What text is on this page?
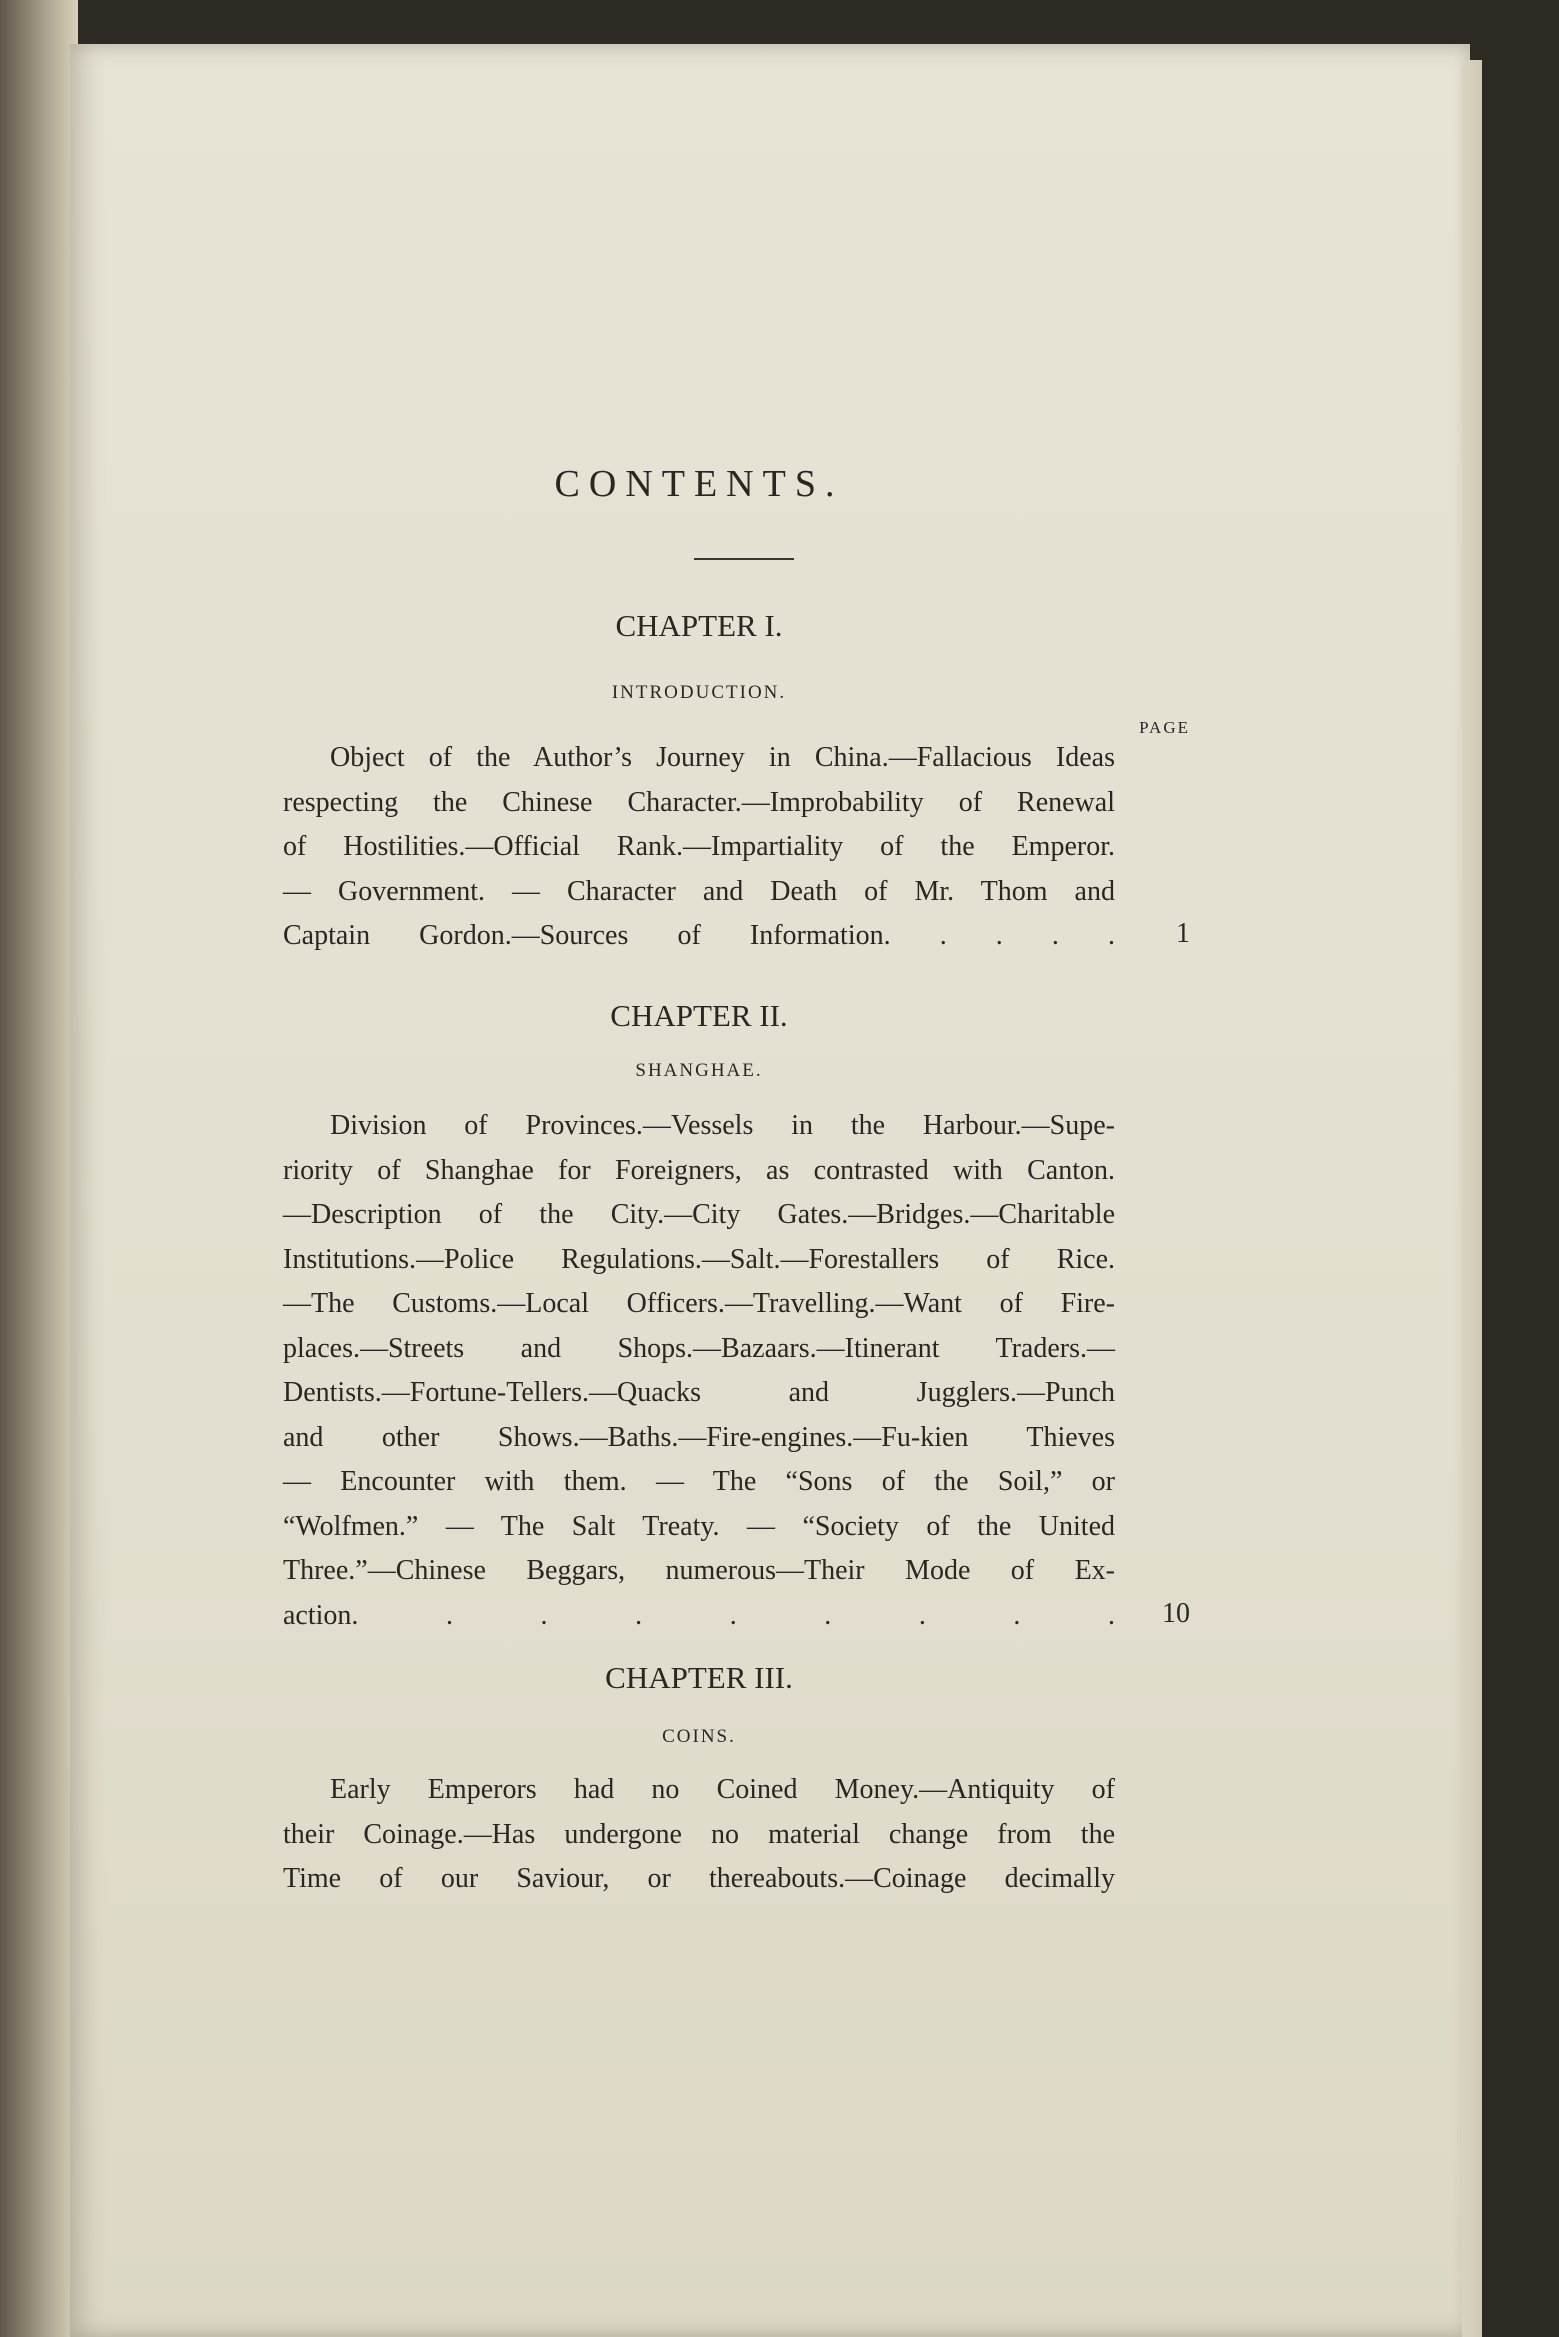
CONTENTS.
CHAPTER I.
INTRODUCTION.
PAGE
Object of the Author’s Journey in China.—Fallacious Ideas
respecting the Chinese Character.—Improbability of Renewal
of Hostilities.—Official Rank.—Impartiality of the Emperor.
— Government. — Character and Death of Mr. Thom and
Captain Gordon.—Sources of Information. . . . .	1
CHAPTER II.
SHANGHAE.
Division of Provinces.—Vessels in the Harbour.—Supe-
riority of Shanghae for Foreigners, as contrasted with Canton.
—Description of the City.—City Gates.—Bridges.—Charitable
Institutions.—Police Regulations.—Salt.—Forestallers of Rice.
—The Customs.—Local Officers.—Travelling.—Want of Fire-
places.—Streets and Shops.—Bazaars.—Itinerant Traders.—
Dentists.—Fortune-Tellers.—Quacks and Jugglers.—Punch
and other Shows.—Baths.—Fire-engines.—Fu-kien Thieves
— Encounter with them. — The “Sons of the Soil,” or
“Wolfmen.” — The Salt Treaty. — “Society of the United
Three.”—Chinese Beggars, numerous—Their Mode of Ex-
action. . . . . . . . .	10
CHAPTER III.
COINS.
Early Emperors had no Coined Money.—Antiquity of
their Coinage.—Has undergone no material change from the
Time of our Saviour, or thereabouts.—Coinage decimally
